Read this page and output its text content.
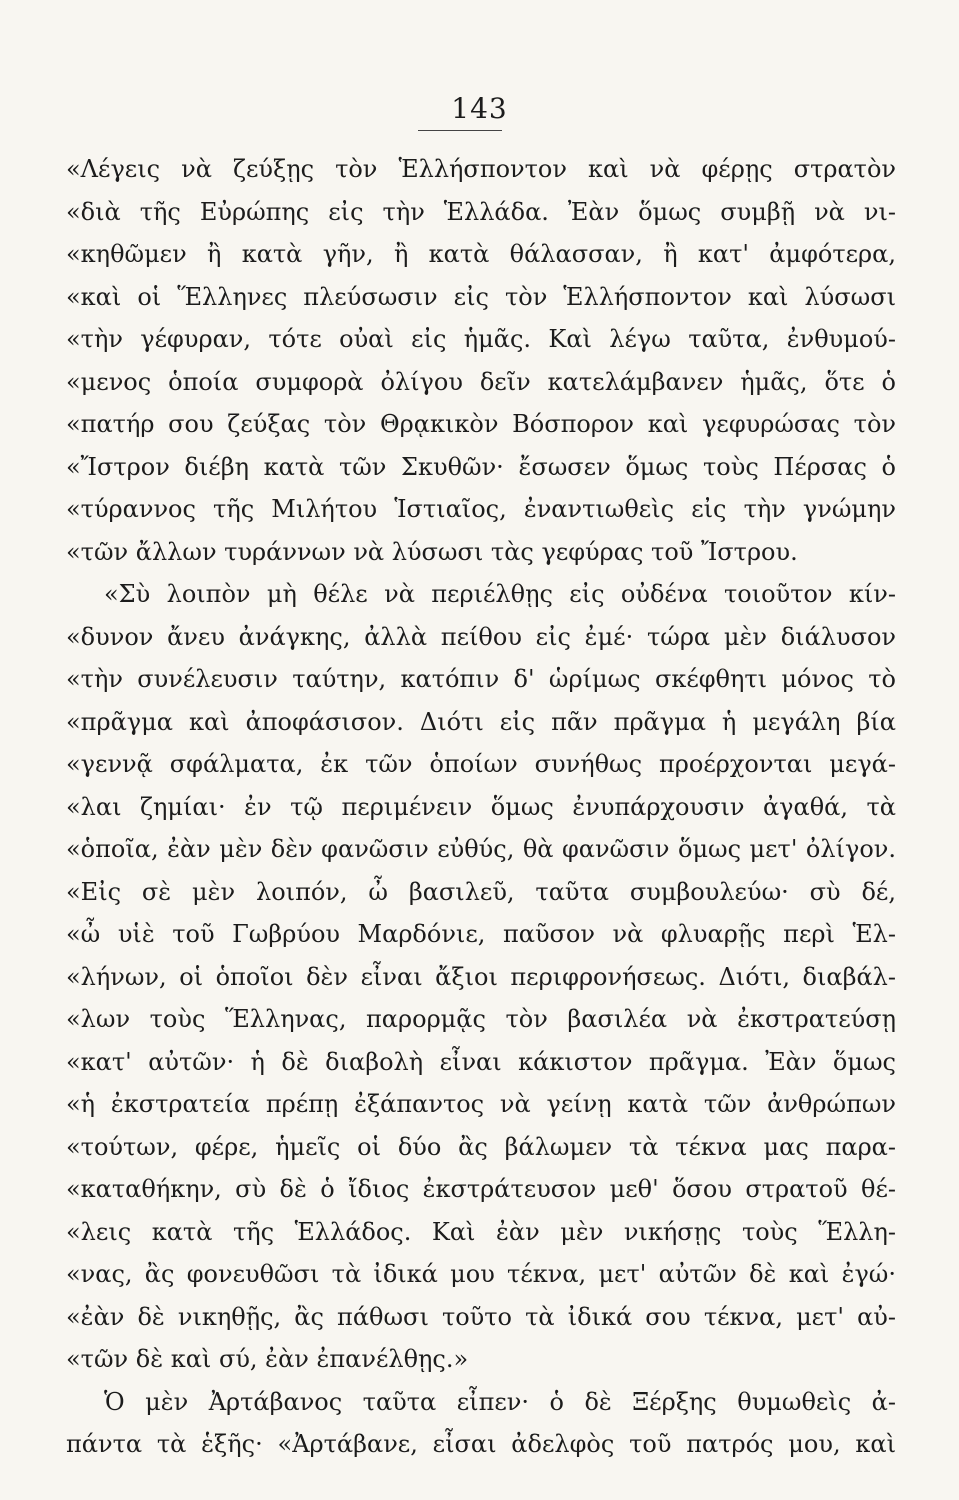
143
«Λέγεις νὰ ζεύξῃς τὸν Ἑλλήσποντον καὶ νὰ φέρῃς στρατὸν
«διὰ τῆς Εὐρώπης εἰς τὴν Ἑλλάδα. Ἐὰν ὅμως συμβῇ νὰ νι-
«κηθῶμεν ἢ κατὰ γῆν, ἢ κατὰ θάλασσαν, ἢ κατ' ἀμφότερα,
«καὶ οἱ Ἕλληνες πλεύσωσιν εἰς τὸν Ἑλλήσποντον καὶ λύσωσι
«τὴν γέφυραν, τότε οὐαὶ εἰς ἡμᾶς. Καὶ λέγω ταῦτα, ἐνθυμού-
«μενος ὁποία συμφορὰ ὀλίγου δεῖν κατελάμβανεν ἡμᾶς, ὅτε ὁ
«πατήρ σου ζεύξας τὸν Θρᾳκικὸν Βόσπορον καὶ γεφυρώσας τὸν
«Ἴστρον διέβη κατὰ τῶν Σκυθῶν· ἔσωσεν ὅμως τοὺς Πέρσας ὁ
«τύραννος τῆς Μιλήτου Ἱστιαῖος, ἐναντιωθεὶς εἰς τὴν γνώμην
«τῶν ἄλλων τυράννων νὰ λύσωσι τὰς γεφύρας τοῦ Ἴστρου.
«Σὺ λοιπὸν μὴ θέλε νὰ περιέλθῃς εἰς οὐδένα τοιοῦτον κίν-
«δυνον ἄνευ ἀνάγκης, ἀλλὰ πείθου εἰς ἐμέ· τώρα μὲν διάλυσον
«τὴν συνέλευσιν ταύτην, κατόπιν δ' ὡρίμως σκέφθητι μόνος τὸ
«πρᾶγμα καὶ ἀποφάσισον. Διότι εἰς πᾶν πρᾶγμα ἡ μεγάλη βία
«γεννᾷ σφάλματα, ἐκ τῶν ὁποίων συνήθως προέρχονται μεγά-
«λαι ζημίαι· ἐν τῷ περιμένειν ὅμως ἐνυπάρχουσιν ἀγαθά, τὰ
«ὁποῖα, ἐὰν μὲν δὲν φανῶσιν εὐθύς, θὰ φανῶσιν ὅμως μετ' ὀλίγον.
«Εἰς σὲ μὲν λοιπόν, ὦ βασιλεῦ, ταῦτα συμβουλεύω· σὺ δέ,
«ὦ υἱὲ τοῦ Γωβρύου Μαρδόνιε, παῦσον νὰ φλυαρῇς περὶ Ἑλ-
«λήνων, οἱ ὁποῖοι δὲν εἶναι ἄξιοι περιφρονήσεως. Διότι, διαβάλ-
«λων τοὺς Ἕλληνας, παρορμᾷς τὸν βασιλέα νὰ ἐκστρατεύσῃ
«κατ' αὐτῶν· ἡ δὲ διαβολὴ εἶναι κάκιστον πρᾶγμα. Ἐὰν ὅμως
«ἡ ἐκστρατεία πρέπῃ ἐξάπαντος νὰ γείνῃ κατὰ τῶν ἀνθρώπων
«τούτων, φέρε, ἡμεῖς οἱ δύο ἂς βάλωμεν τὰ τέκνα μας παρα-
«καταθήκην, σὺ δὲ ὁ ἴδιος ἐκστράτευσον μεθ' ὅσου στρατοῦ θέ-
«λεις κατὰ τῆς Ἑλλάδος. Καὶ ἐὰν μὲν νικήσῃς τοὺς Ἕλλη-
«νας, ἂς φονευθῶσι τὰ ἰδικά μου τέκνα, μετ' αὐτῶν δὲ καὶ ἐγώ·
«ἐὰν δὲ νικηθῇς, ἂς πάθωσι τοῦτο τὰ ἰδικά σου τέκνα, μετ' αὐ-
«τῶν δὲ καὶ σύ, ἐὰν ἐπανέλθῃς.»
Ὁ μὲν Ἀρτάβανος ταῦτα εἶπεν· ὁ δὲ Ξέρξης θυμωθεὶς ἀ-
πάντα τὰ ἑξῆς· «Ἀρτάβανε, εἶσαι ἀδελφὸς τοῦ πατρός μου, καὶ
